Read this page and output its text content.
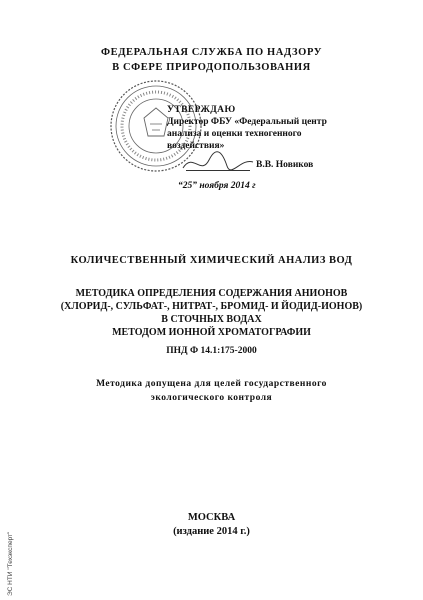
ФЕДЕРАЛЬНАЯ СЛУЖБА ПО НАДЗОРУ
В СФЕРЕ ПРИРОДОПОЛЬЗОВАНИЯ
УТВЕРЖДАЮ
Директор ФБУ «Федеральный центр
анализа и оценки техногенного
воздействия»
В.В. Новиков
“25” ноября 2014 г
КОЛИЧЕСТВЕННЫЙ ХИМИЧЕСКИЙ АНАЛИЗ ВОД
МЕТОДИКА ОПРЕДЕЛЕНИЯ СОДЕРЖАНИЯ АНИОНОВ
(ХЛОРИД-, СУЛЬФАТ-, НИТРАТ-, БРОМИД- И ЙОДИД-ИОНОВ)
В СТОЧНЫХ ВОДАХ
МЕТОДОМ ИОННОЙ ХРОМАТОГРАФИИ
ПНД Ф 14.1:175-2000
Методика допущена для целей государственного
экологического контроля
МОСКВА
(издание 2014 г.)
ЭС НТИ "Техэксперт"
